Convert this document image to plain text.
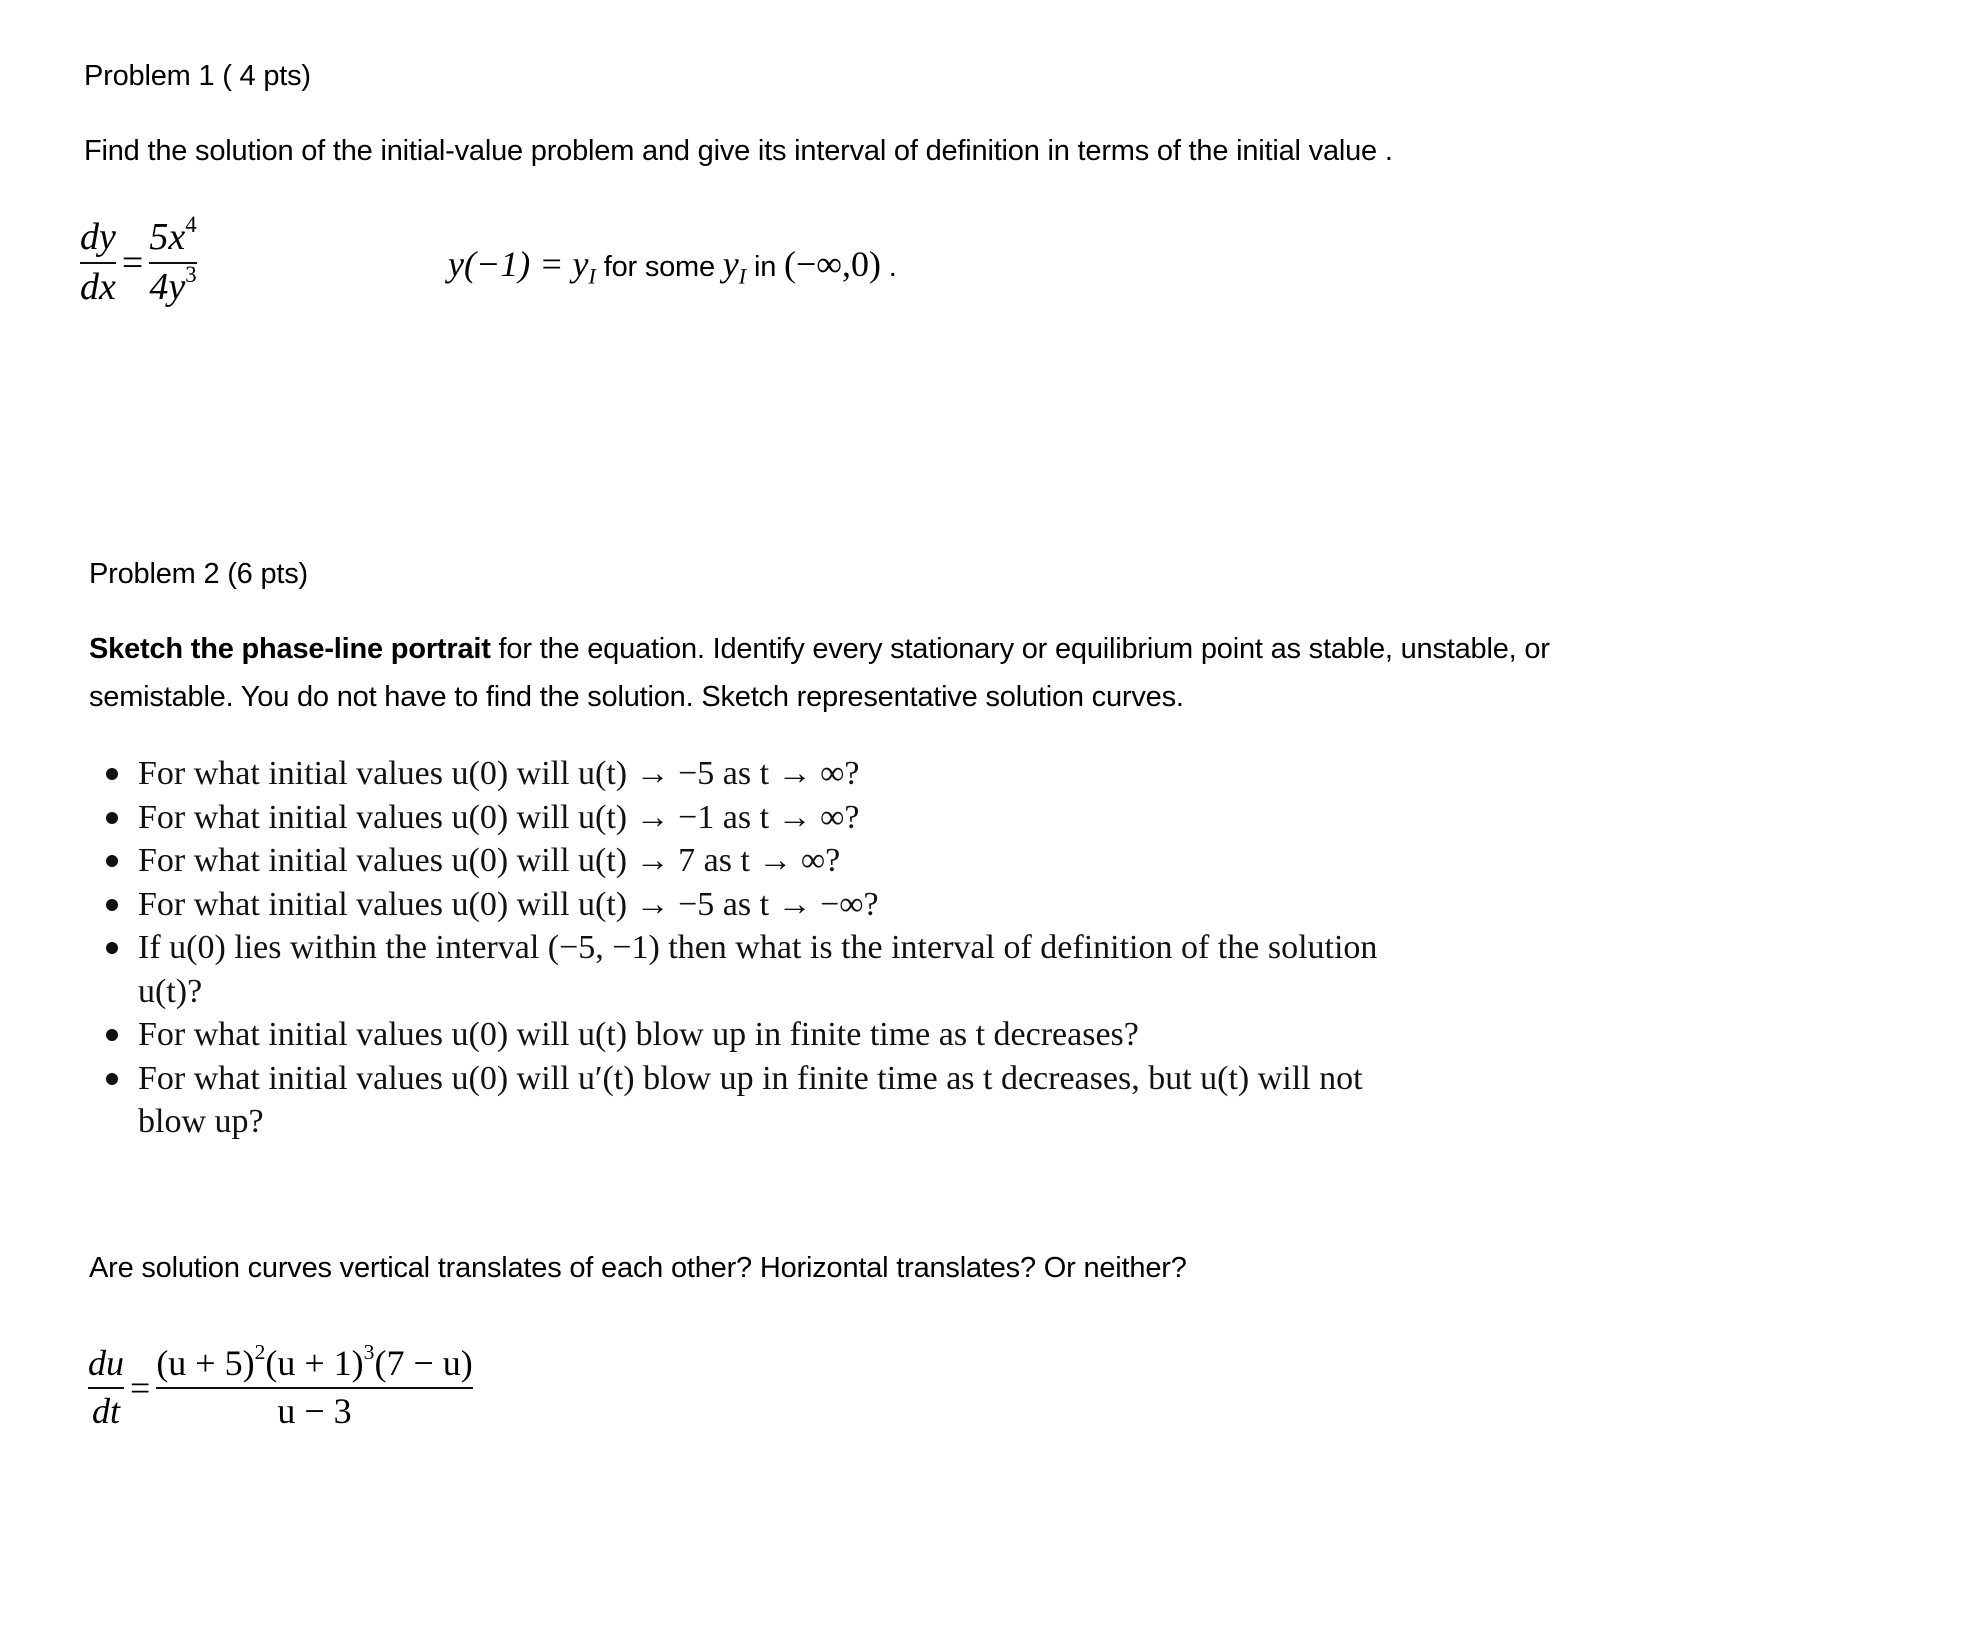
Problem 1 ( 4 pts)
Find the solution of the initial-value problem and give its interval of definition in terms of the initial value .
$\frac{dy}{dx} = \frac{5x^4}{4y^3}$	$y(-1) = y_I$ for some $y_I$ in (−∞,0) .
Problem 2 (6 pts)
Sketch the phase-line portrait for the equation. Identify every stationary or equilibrium point as stable, unstable, or
semistable. You do not have to find the solution. Sketch representative solution curves.
For what initial values u(0) will u(t) → −5 as t → ∞?
For what initial values u(0) will u(t) → −1 as t → ∞?
For what initial values u(0) will u(t) → 7 as t → ∞?
For what initial values u(0) will u(t) → −5 as t → −∞?
If u(0) lies within the interval (−5, −1) then what is the interval of definition of the solution u(t)?
For what initial values u(0) will u(t) blow up in finite time as t decreases?
For what initial values u(0) will u′(t) blow up in finite time as t decreases, but u(t) will not blow up?
Are solution curves vertical translates of each other? Horizontal translates? Or neither?
$\frac{du}{dt} = \frac{(u + 5)^2(u + 1)^3(7 - u)}{u - 3}$
